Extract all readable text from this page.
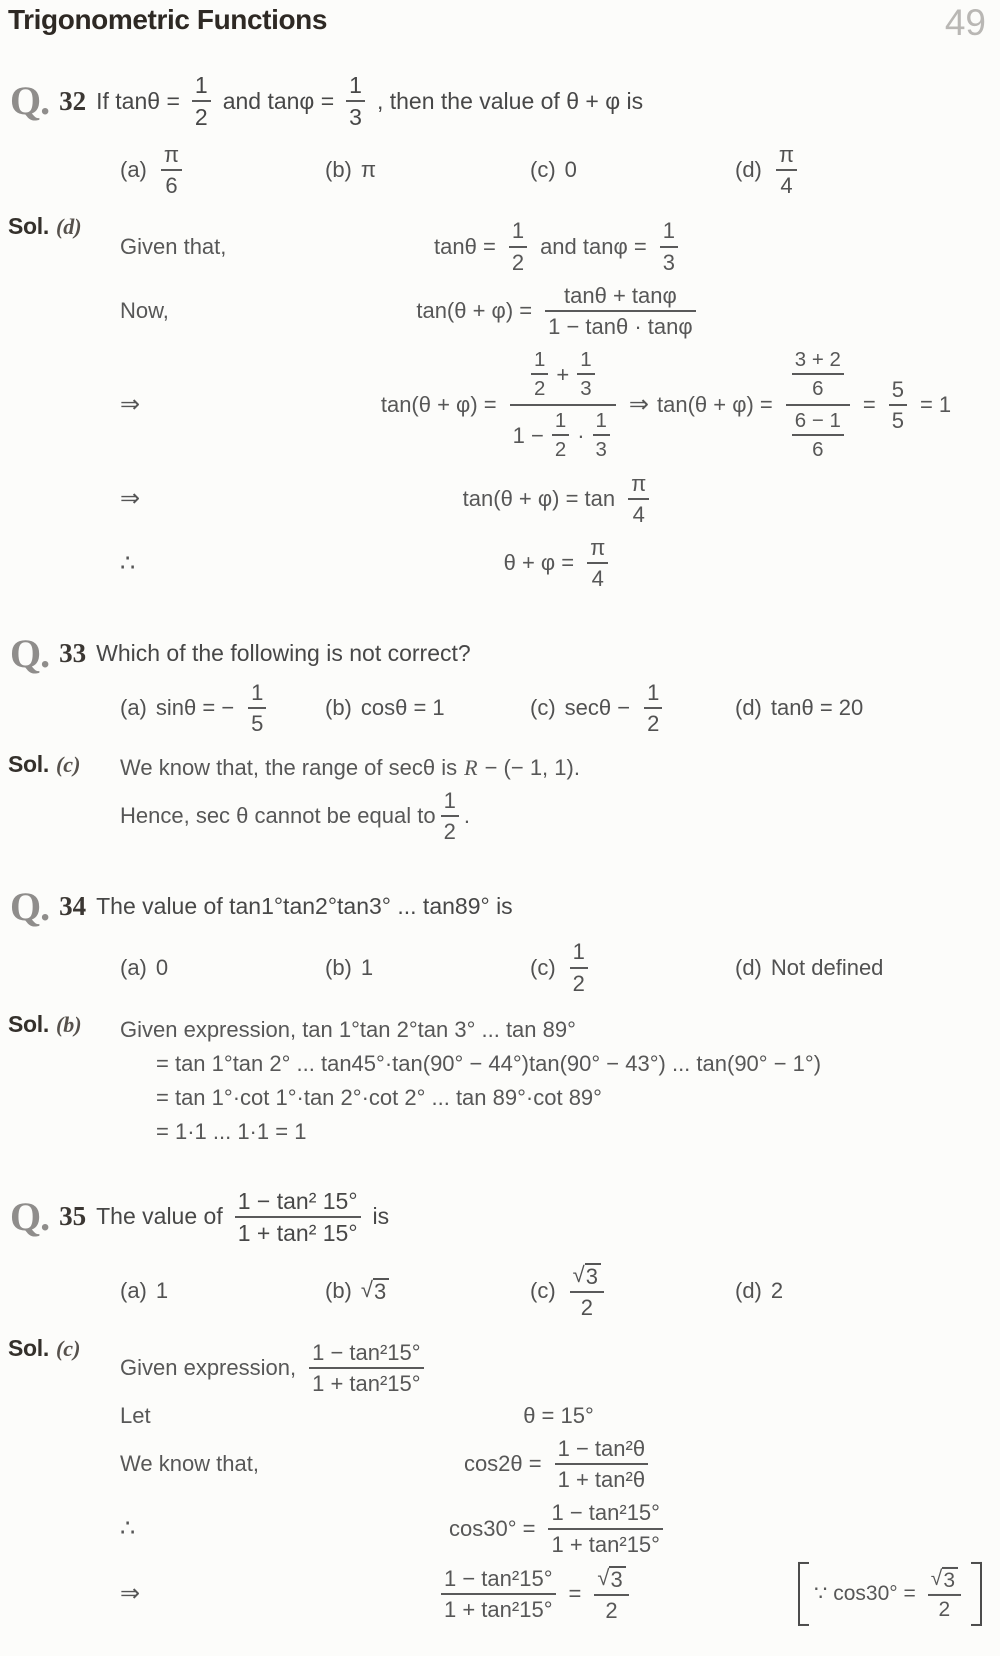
Trigonometric Functions	49
Q. 32 If $\tan\theta = \frac{1}{2}$ and $\tan\varphi = \frac{1}{3}$ , then the value of θ + φ is
$(a) \frac{\pi}{6}$	(b) π	(c) 0	$(d) \frac{\pi}{4}$
Sol. (d)
Given that,	$\tan\theta = \frac{1}{2}$ and $\tan\varphi = \frac{1}{3}$
Now,	$\tan(\theta + \varphi) = \frac{\tan\theta + \tan\varphi}{1 - \tan\theta \cdot \tan\varphi}$
⇒	$\tan(\theta + \varphi) = \frac{\frac{1}{2} + \frac{1}{3}}{1 - \frac{1}{2} \cdot \frac{1}{3}}$ ⇒ $\tan(\theta + \varphi) = \frac{\frac{3 + 2}{6}}{\frac{6 - 1}{6}} = \frac{5}{5} = 1$
⇒	$\tan(\theta + \varphi) = \tan \frac{\pi}{4}$
∴	$\theta + \varphi = \frac{\pi}{4}$
Q. 33 Which of the following is not correct?
(a) sinθ = − $\frac{1}{5}$	(b) cosθ = 1	(c) $\sec\theta - \frac{1}{2}$	(d) tanθ = 20
Sol. (c) We know that, the range of secθ is R − (− 1, 1).
Hence, sec θ cannot be equal to $\frac{1}{2}$ .
Q. 34 The value of tan1°tan2°tan3° ... tan89° is
(a) 0	(b) 1	$(c) \frac{1}{2}$	(d) Not defined
Sol. (b) Given expression, tan 1°tan 2°tan 3° ... tan 89°
= tan 1°tan 2° ... tan45°·tan(90° − 44°)tan(90° − 43°) ... tan(90° − 1°)
= tan 1°·cot 1°·tan 2°·cot 2° ... tan 89°·cot 89°
= 1·1 ... 1·1 = 1
Q. 35 The value of $\frac{\text{1 − tan² 15°}}{\text{1 + tan² 15°}}$ is
(a) 1	(b) √ 3	$(c) \frac{√ 3}{2}$	(d) 2
Sol. (c)
Given expression, $\frac{\text{1 − tan²15°}}{\text{1 + tan²15°}}$
Let	θ = 15°
We know that,	$\cos 2\theta = \frac{\text{1 − tan²θ}}{\text{1 + tan²θ}}$
∴	$\cos 30^\circ = \frac{\text{1 − tan²15°}}{\text{1 + tan²15°}}$
⇒	$\frac{\text{1 − tan²15°}}{\text{1 + tan²15°}} = \frac{√ 3}{2}$	∵ $\cos 30^\circ = \frac{√ 3}{2}$
